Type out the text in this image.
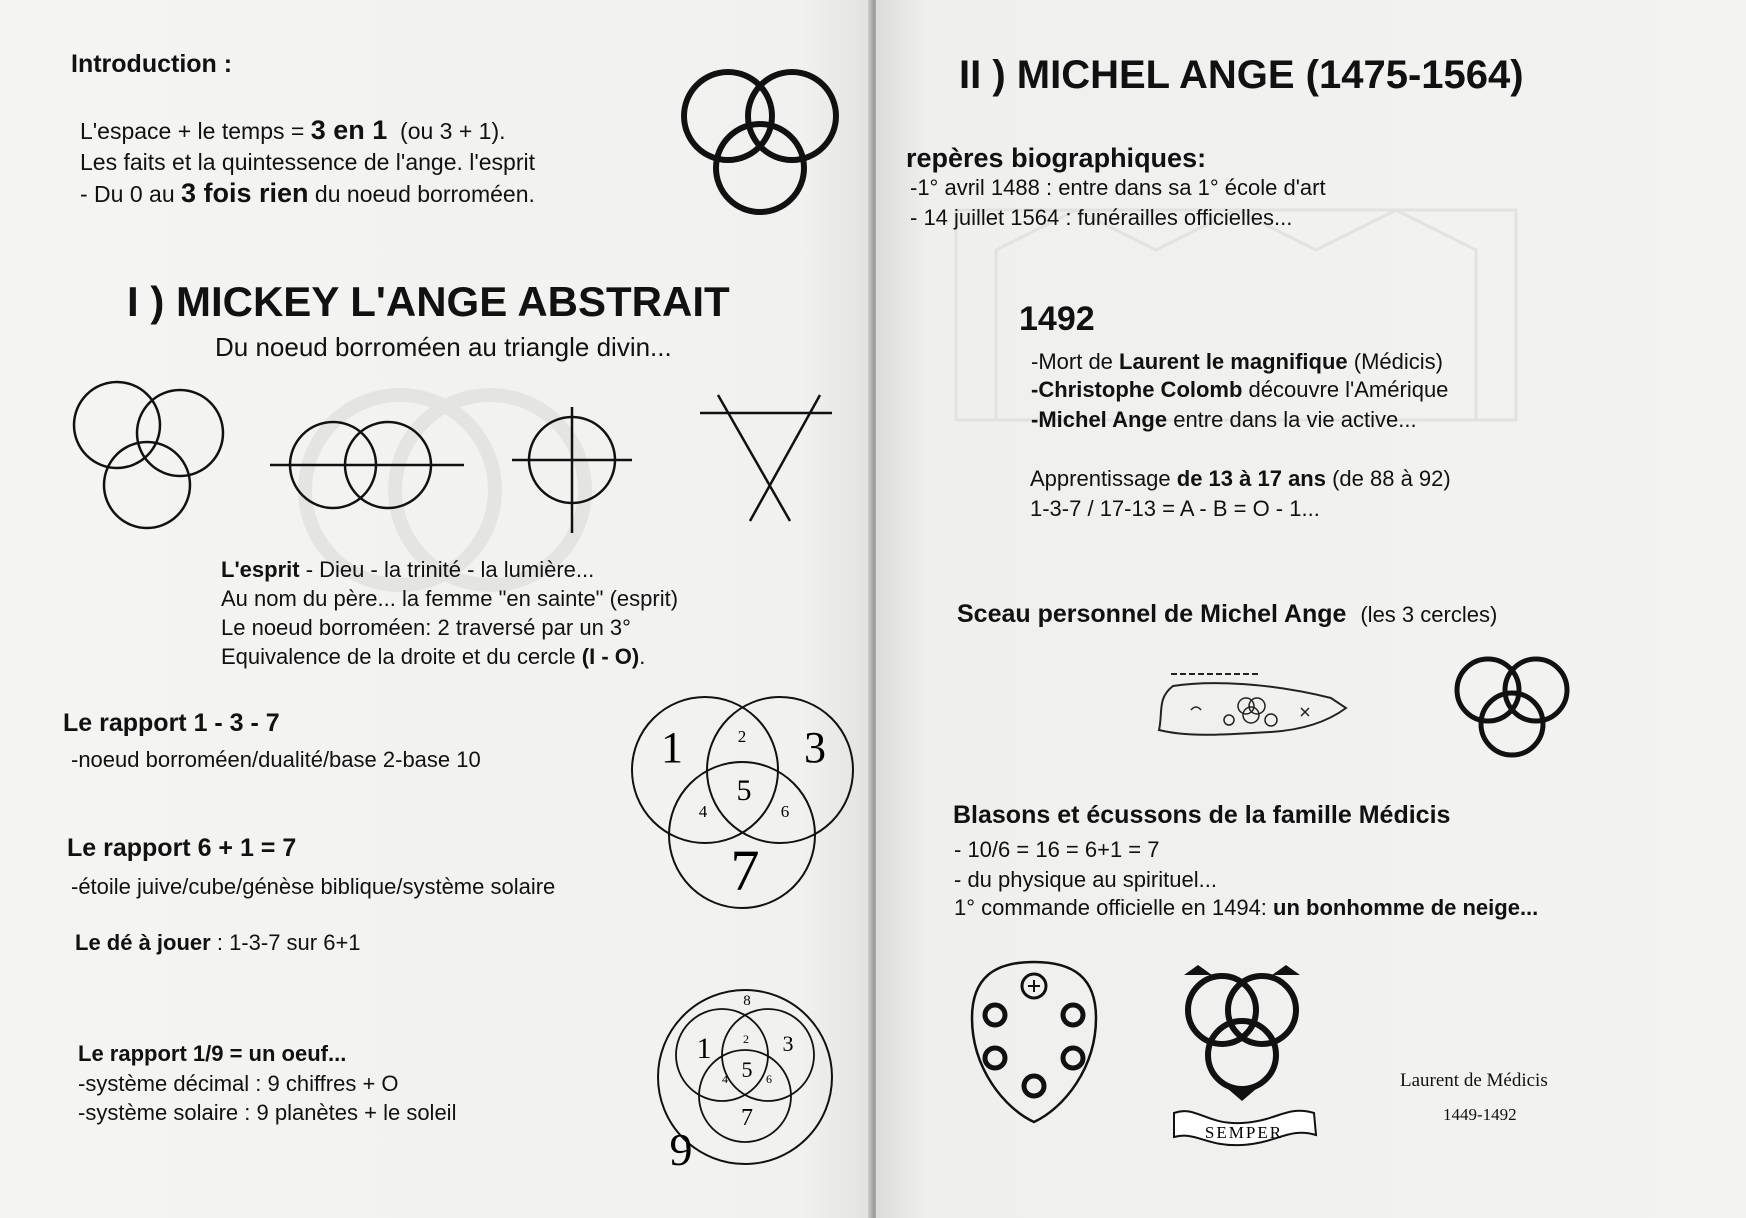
Introduction :
L'espace + le temps = 3 en 1 (ou 3 + 1).
Les faits et la quintessence de l'ange. l'esprit
- Du 0 au 3 fois rien du noeud borroméen.
I ) MICKEY L'ANGE ABSTRAIT
Du noeud borroméen au triangle divin...
L'esprit - Dieu - la trinité - la lumière...
Au nom du père... la femme "en sainte" (esprit)
Le noeud borroméen: 2 traversé par un 3°
Equivalence de la droite et du cercle (I - O).
Le rapport 1 - 3 - 7
-noeud borroméen/dualité/base 2-base 10
Le rapport 6 + 1 = 7
-étoile juive/cube/génèse biblique/système solaire
Le dé à jouer : 1-3-7 sur 6+1
Le rapport 1/9 = un oeuf...
-système décimal : 9 chiffres + O
-système solaire : 9 planètes + le soleil
1	2 3
4
5
6
7
8
1	2 3
4 5 6
7
9
II ) MICHEL ANGE (1475-1564)
repères biographiques:
-1° avril 1488 : entre dans sa 1° école d'art
- 14 juillet 1564 : funérailles officielles...
1492
-Mort de Laurent le magnifique (Médicis)
-Christophe Colomb découvre l'Amérique
-Michel Ange entre dans la vie active...
Apprentissage de 13 à 17 ans (de 88 à 92)
1-3-7 / 17-13 = A - B = O - 1...
Sceau personnel de Michel Ange (les 3 cercles)
Blasons et écussons de la famille Médicis
- 10/6 = 16 = 6+1 = 7
- du physique au spirituel...
1° commande officielle en 1494: un bonhomme de neige...
SEMPER
Laurent de Médicis
1449-1492
